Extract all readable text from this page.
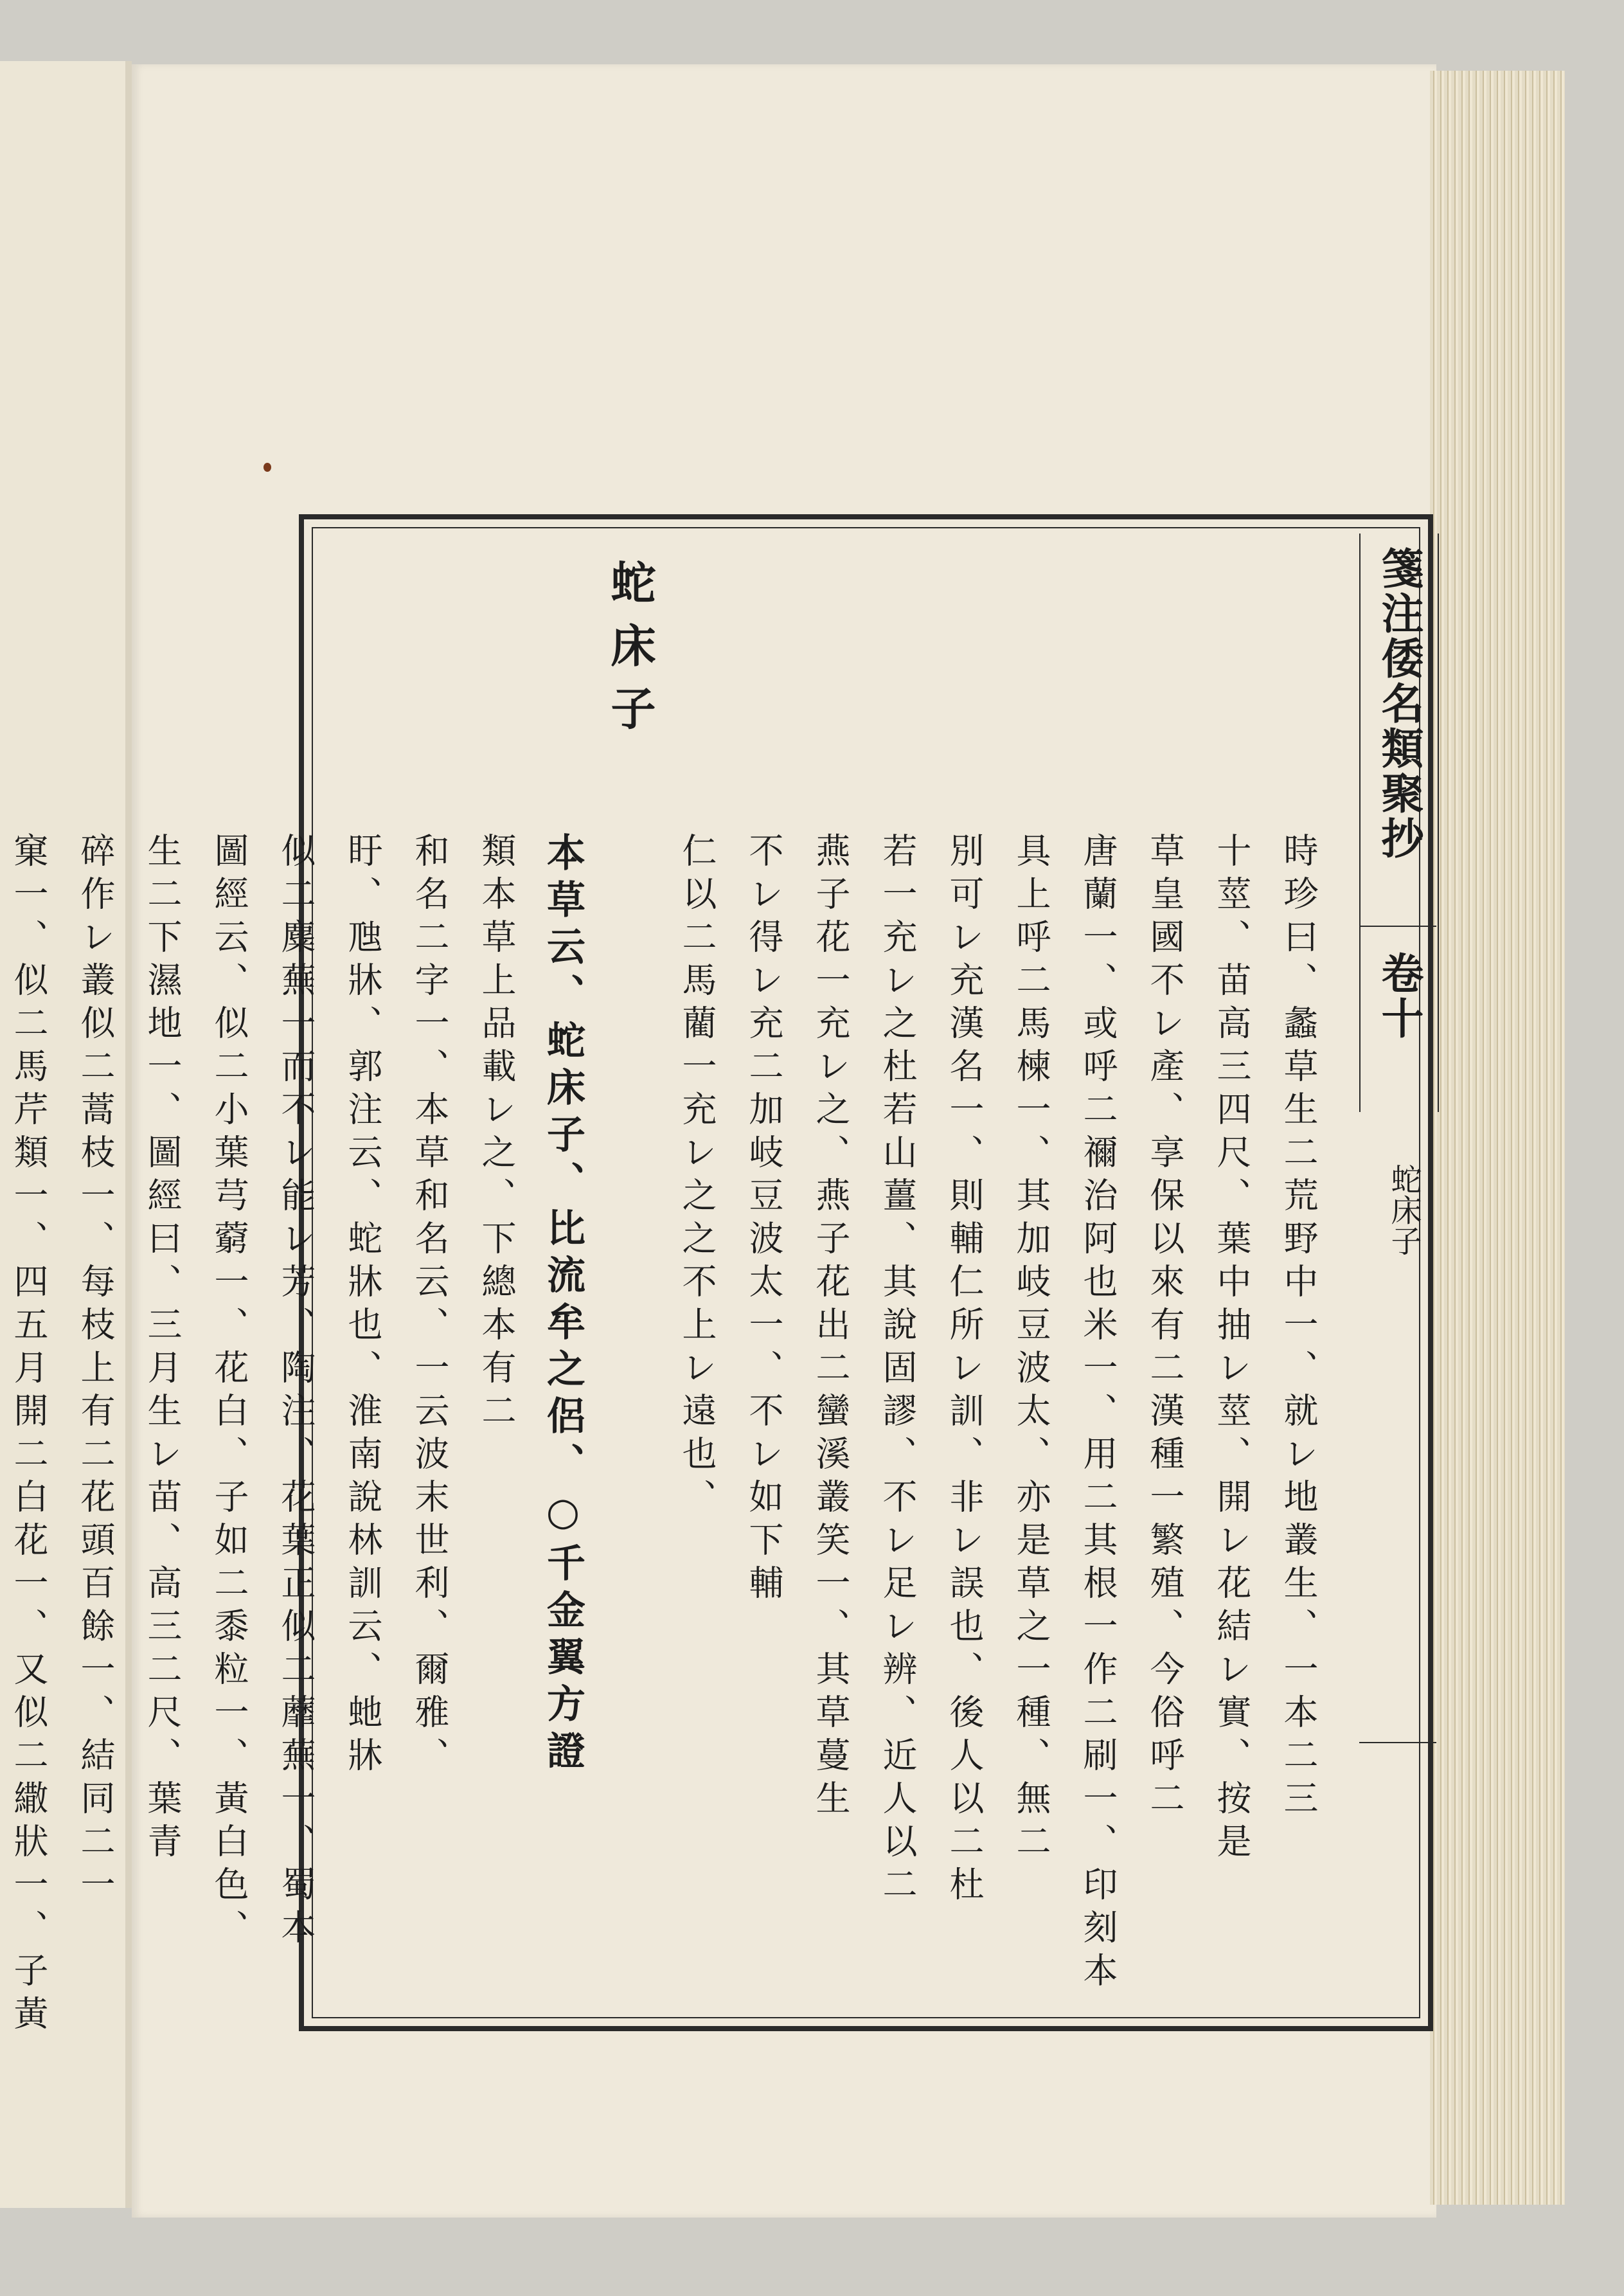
箋注倭名類聚抄
卷十
蛇床子
蛇床子
時珍曰、蠡草生二荒野中一、就レ地叢生、一本二三
十莖、苗高三四尺、葉中抽レ莖、開レ花結レ實、按是
草皇國不レ產、享保以來有二漢種一繁殖、今俗呼二
唐蘭一、或呼二禰治阿也米一、用二其根一作二刷一、印刻本
具上呼二馬楝一、其加岐豆波太、亦是草之一種、無二
別可レ充漢名一、則輔仁所レ訓、非レ誤也、後人以二杜
若一充レ之杜若山薑、其說固謬、不レ足レ辨、近人以二
燕子花一充レ之、燕子花出二蠻溪叢笑一、其草蔓生
不レ得レ充二加岐豆波太一、不レ如下輔
仁以二馬藺一充レ之之不上レ遠也、
本草云、蛇床子、比流牟之侶、○千金翼方證
類本草上品載レ之、下總本有二
和名二字一、本草和名云、一云波末世利、爾雅、
盱、虺牀、郭注云、蛇牀也、淮南說林訓云、虵牀
似二麋蕪一而不レ能レ芳、陶注、花葉正似二蘼蕪一、蜀本
圖經云、似二小葉芎藭一、花白、子如二黍粒一、黃白色、
生二下濕地一、圖經曰、三月生レ苗、高三二尺、葉青
碎作レ叢似二蒿枝一、每枝上有二花頭百餘一、結同二一
窠一、似二馬芹類一、四五月開二白花一、又似二繖狀一、子黃
